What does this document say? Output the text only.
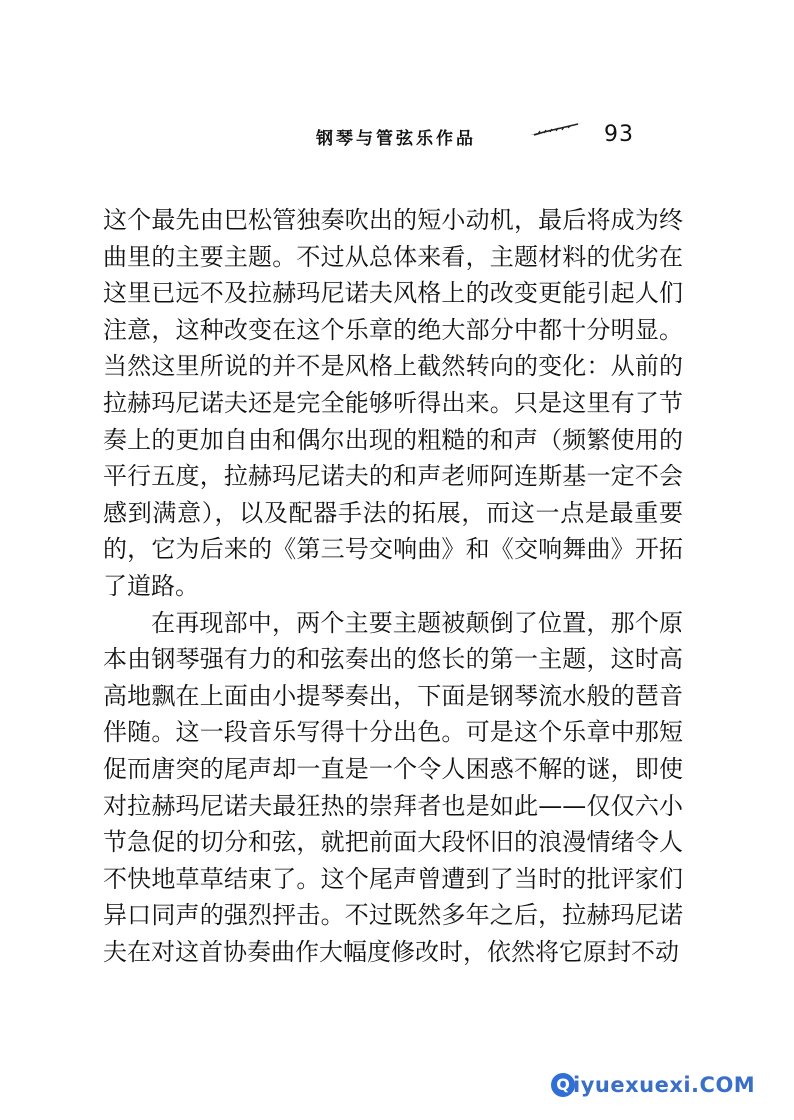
钢琴与管弦乐作品	93

这个最先由巴松管独奏吹出的短小动机，最后将成为终曲里的主要主题。不过从总体来看，主题材料的优劣在这里已远不及拉赫玛尼诺夫风格上的改变更能引起人们注意，这种改变在这个乐章的绝大部分中都十分明显。当然这里所说的并不是风格上截然转向的变化：从前的拉赫玛尼诺夫还是完全能够听得出来。只是这里有了节奏上的更加自由和偶尔出现的粗糙的和声（频繁使用的平行五度，拉赫玛尼诺夫的和声老师阿连斯基一定不会感到满意），以及配器手法的拓展，而这一点是最重要的，它为后来的《第三号交响曲》和《交响舞曲》开拓了道路。

在再现部中，两个主要主题被颠倒了位置，那个原本由钢琴强有力的和弦奏出的悠长的第一主题，这时高高地飘在上面由小提琴奏出，下面是钢琴流水般的琶音伴随。这一段音乐写得十分出色。可是这个乐章中那短促而唐突的尾声却一直是一个令人困惑不解的谜，即使对拉赫玛尼诺夫最狂热的崇拜者也是如此——仅仅六小节急促的切分和弦，就把前面大段怀旧的浪漫情绪令人不快地草草结束了。这个尾声曾遭到了当时的批评家们异口同声的强烈抨击。不过既然多年之后，拉赫玛尼诺夫在对这首协奏曲作大幅度修改时，依然将它原封不动

Q iyuexuexi.COM
